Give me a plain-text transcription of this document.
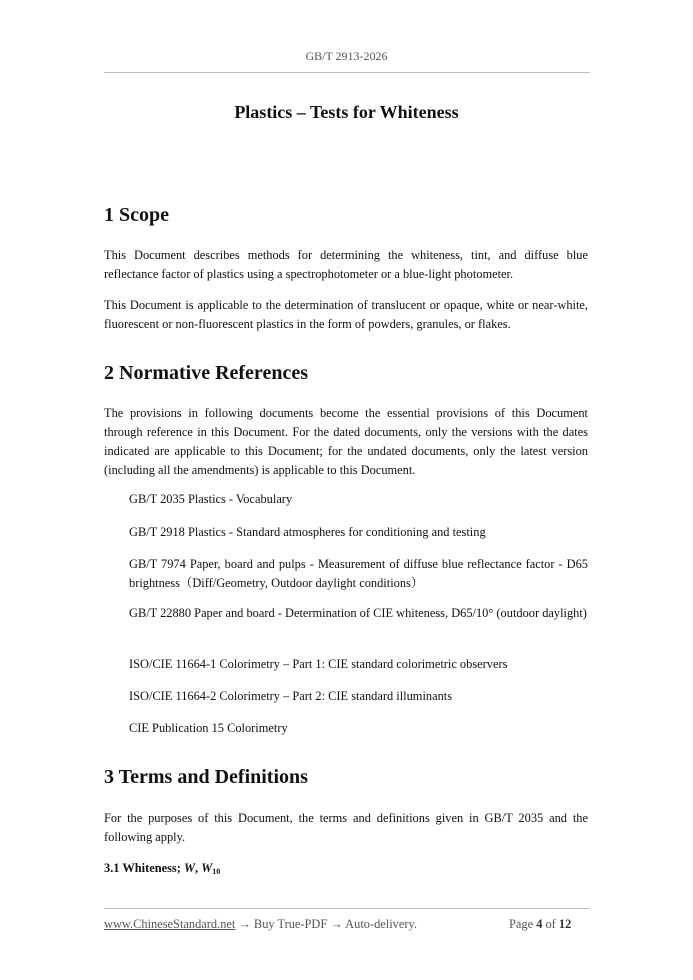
GB/T 2913-2026
Plastics – Tests for Whiteness
1 Scope

This Document describes methods for determining the whiteness, tint, and diffuse blue reflectance factor of plastics using a spectrophotometer or a blue-light photometer.

This Document is applicable to the determination of translucent or opaque, white or near-white, fluorescent or non-fluorescent plastics in the form of powders, granules, or flakes.

2 Normative References

The provisions in following documents become the essential provisions of this Document through reference in this Document. For the dated documents, only the versions with the dates indicated are applicable to this Document; for the undated documents, only the latest version (including all the amendments) is applicable to this Document.

GB/T 2035 Plastics - Vocabulary

GB/T 2918 Plastics - Standard atmospheres for conditioning and testing

GB/T 7974 Paper, board and pulps - Measurement of diffuse blue reflectance factor - D65 brightness（Diff/Geometry, Outdoor daylight conditions）

GB/T 22880 Paper and board - Determination of CIE whiteness, D65/10° (outdoor daylight)

ISO/CIE 11664-1 Colorimetry – Part 1: CIE standard colorimetric observers

ISO/CIE 11664-2 Colorimetry – Part 2: CIE standard illuminants

CIE Publication 15 Colorimetry

3 Terms and Definitions

For the purposes of this Document, the terms and definitions given in GB/T 2035 and the following apply.

3.1 Whiteness; W, $W_{10}$
www.ChineseStandard.net → Buy True-PDF → Auto-delivery.	Page 4 of 12
